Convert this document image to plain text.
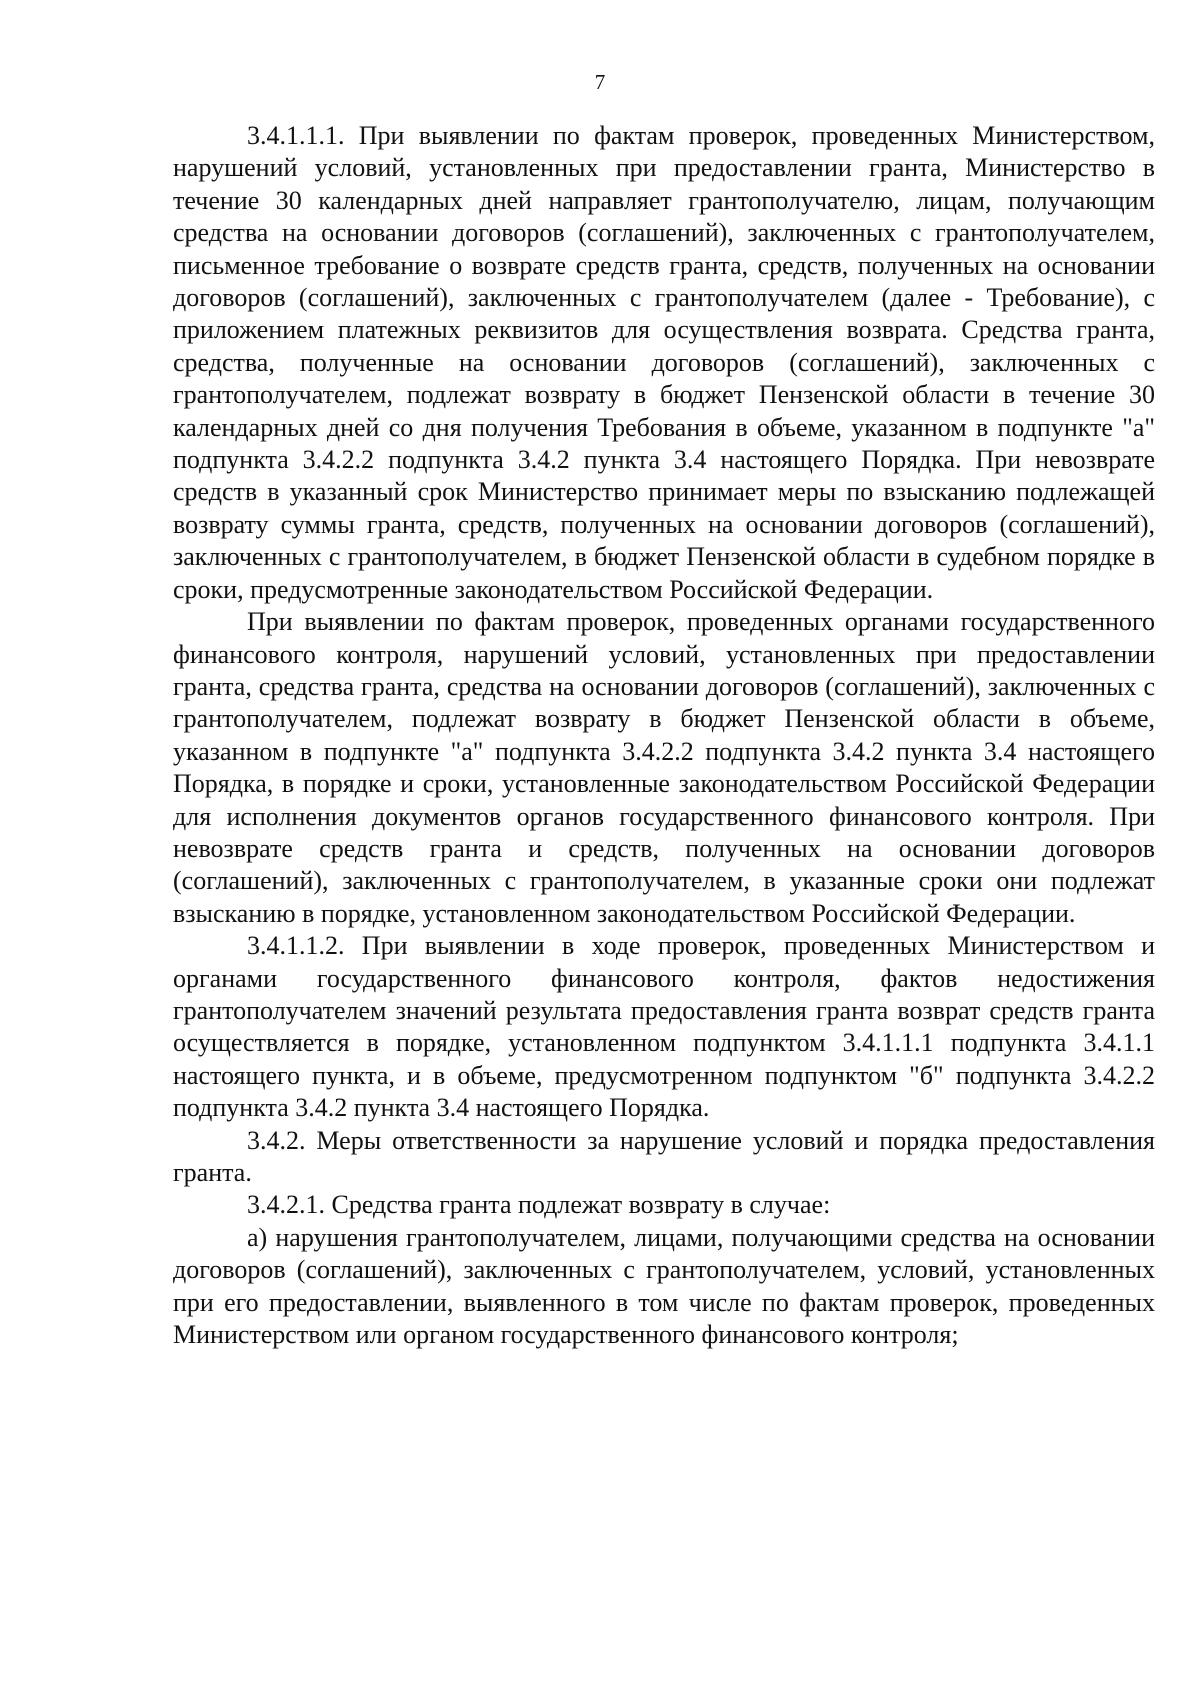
7

3.4.1.1.1. При выявлении по фактам проверок, проведенных Министерством, нарушений условий, установленных при предоставлении гранта, Министерство в течение 30 календарных дней направляет грантополучателю, лицам, получающим средства на основании договоров (соглашений), заключенных с грантополучателем, письменное требование о возврате средств гранта, средств, полученных на основании договоров (соглашений), заключенных с грантополучателем (далее - Требование), с приложением платежных реквизитов для осуществления возврата. Средства гранта, средства, полученные на основании договоров (соглашений), заключенных с грантополучателем, подлежат возврату в бюджет Пензенской области в течение 30 календарных дней со дня получения Требования в объеме, указанном в подпункте "а" подпункта 3.4.2.2 подпункта 3.4.2 пункта 3.4 настоящего Порядка. При невозврате средств в указанный срок Министерство принимает меры по взысканию подлежащей возврату суммы гранта, средств, полученных на основании договоров (соглашений), заключенных с грантополучателем, в бюджет Пензенской области в судебном порядке в сроки, предусмотренные законодательством Российской Федерации.

При выявлении по фактам проверок, проведенных органами государственного финансового контроля, нарушений условий, установленных при предоставлении гранта, средства гранта, средства на основании договоров (соглашений), заключенных с грантополучателем, подлежат возврату в бюджет Пензенской области в объеме, указанном в подпункте "а" подпункта 3.4.2.2 подпункта 3.4.2 пункта 3.4 настоящего Порядка, в порядке и сроки, установленные законодательством Российской Федерации для исполнения документов органов государственного финансового контроля. При невозврате средств гранта и средств, полученных на основании договоров (соглашений), заключенных с грантополучателем, в указанные сроки они подлежат взысканию в порядке, установленном законодательством Российской Федерации.

3.4.1.1.2. При выявлении в ходе проверок, проведенных Министерством и органами государственного финансового контроля, фактов недостижения грантополучателем значений результата предоставления гранта возврат средств гранта осуществляется в порядке, установленном подпунктом 3.4.1.1.1 подпункта 3.4.1.1 настоящего пункта, и в объеме, предусмотренном подпунктом "б" подпункта 3.4.2.2 подпункта 3.4.2 пункта 3.4 настоящего Порядка.

3.4.2. Меры ответственности за нарушение условий и порядка предоставления гранта.

3.4.2.1. Средства гранта подлежат возврату в случае:

а) нарушения грантополучателем, лицами, получающими средства на основании договоров (соглашений), заключенных с грантополучателем, условий, установленных при его предоставлении, выявленного в том числе по фактам проверок, проведенных Министерством или органом государственного финансового контроля;
